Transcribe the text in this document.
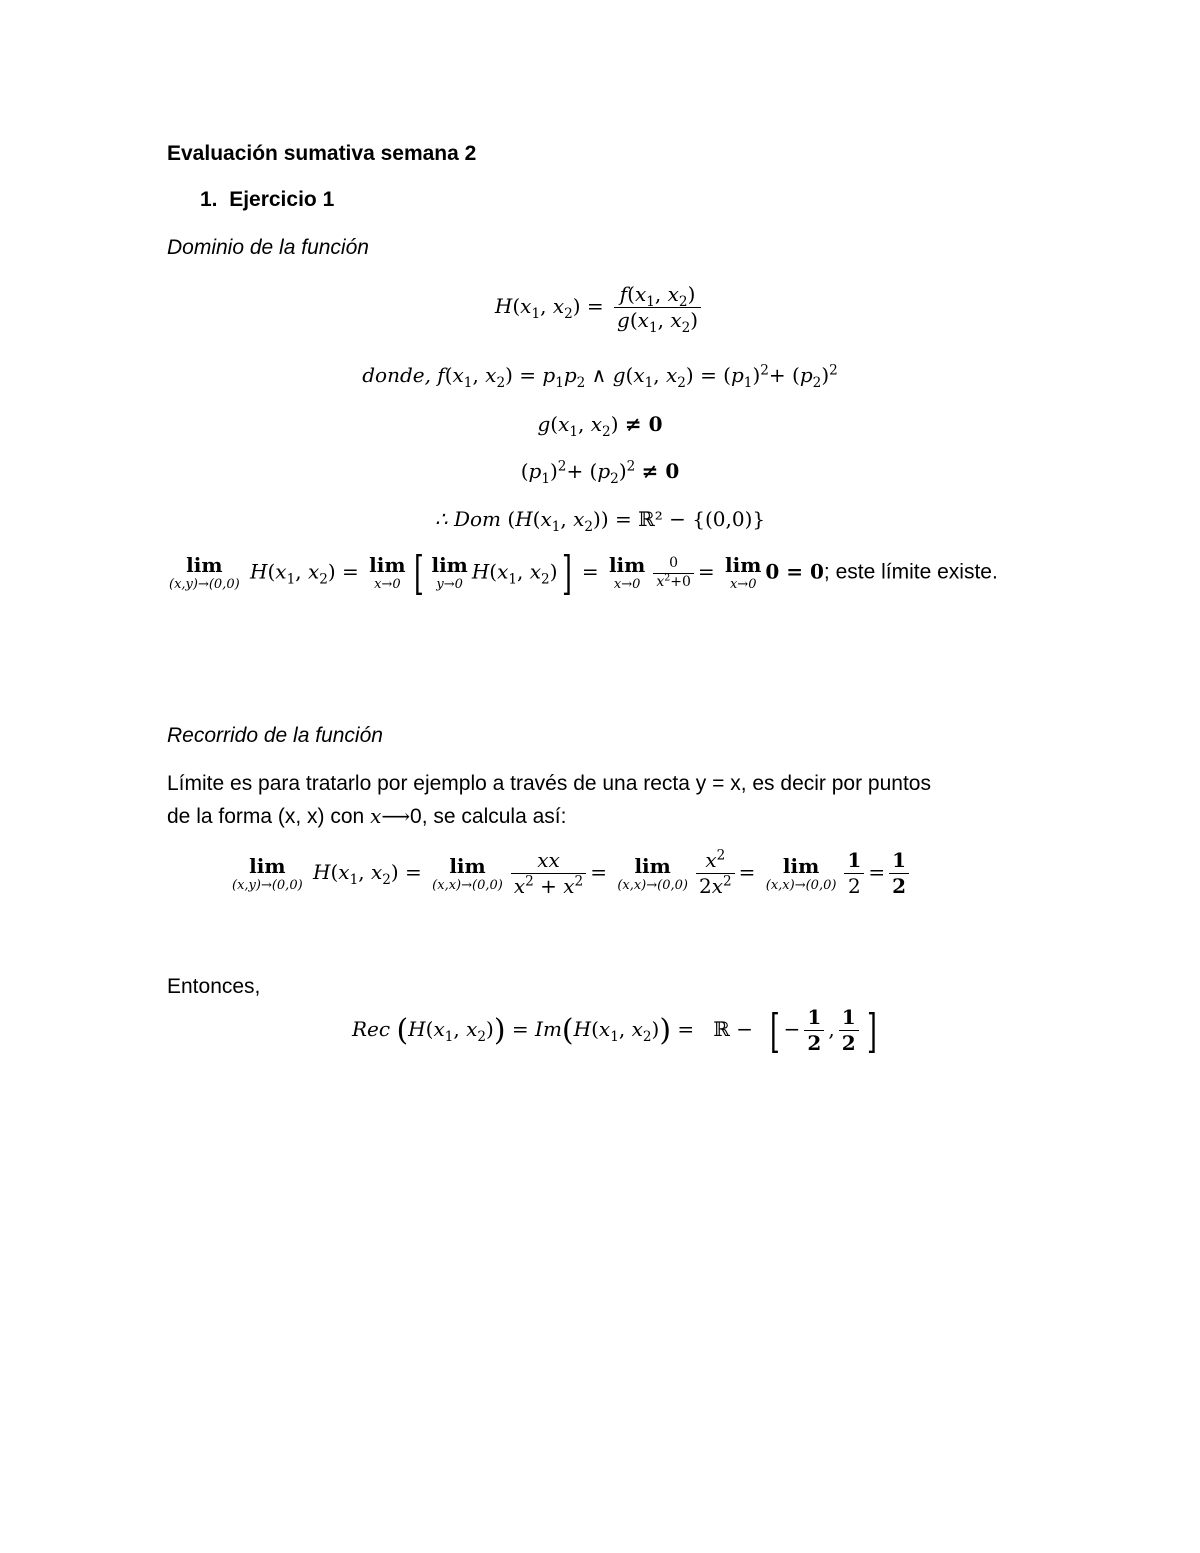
Evaluación sumativa semana 2
1. Ejercicio 1
Dominio de la función
$H(x_1$, $x_2) = \frac{f(x_1, x_2)}{g(x_1, x_2)}$
donde, $f(x_1$, $x_2) = p_1p_2$ ∧ $g(x_1$, $x_2) = (p_1)^2+ (p_2)^2$
$g(x_1$, $x_2) \ne 0$
$(p_1)^2+ (p_2)^2 \ne 0$
∴ Dom ($H(x_1$, $x_2$)) = ℝ² − {(0,0)}
lim
(x,y)→(0,0)
$H(x_1$, $x_2) = \lim$
x→0 [ lim
y→0
$H(x_1$, $x_2)] = \lim$
$x\to 0 \frac{0}{x^2+0} = \lim$
x→0
0 = 0; este límite existe.
Recorrido de la función
Límite es para tratarlo por ejemplo a través de una recta y = x, es decir por puntos
de la forma (x, x) con x⟶0, se calcula así:
lim
(x,y)→(0,0)
$H(x_1$, $x_2$) =	lim
$(x,x)\to(0,0) \frac{xx}{x^2 + x^2}$ =	lim
$(x,x)\to(0,0) \frac{x^2}{2x^2}$ =	lim
$(x,x)\to(0,0) \frac{1}{2} = \frac{1}{2}$
Entonces,
Rec ($H(x_1$, $x_2)) = Im(H(x_1$, $x_2$)) =   ℝ − [ − $\frac{1}{2}$ , $\frac{1}{2}$ ]
